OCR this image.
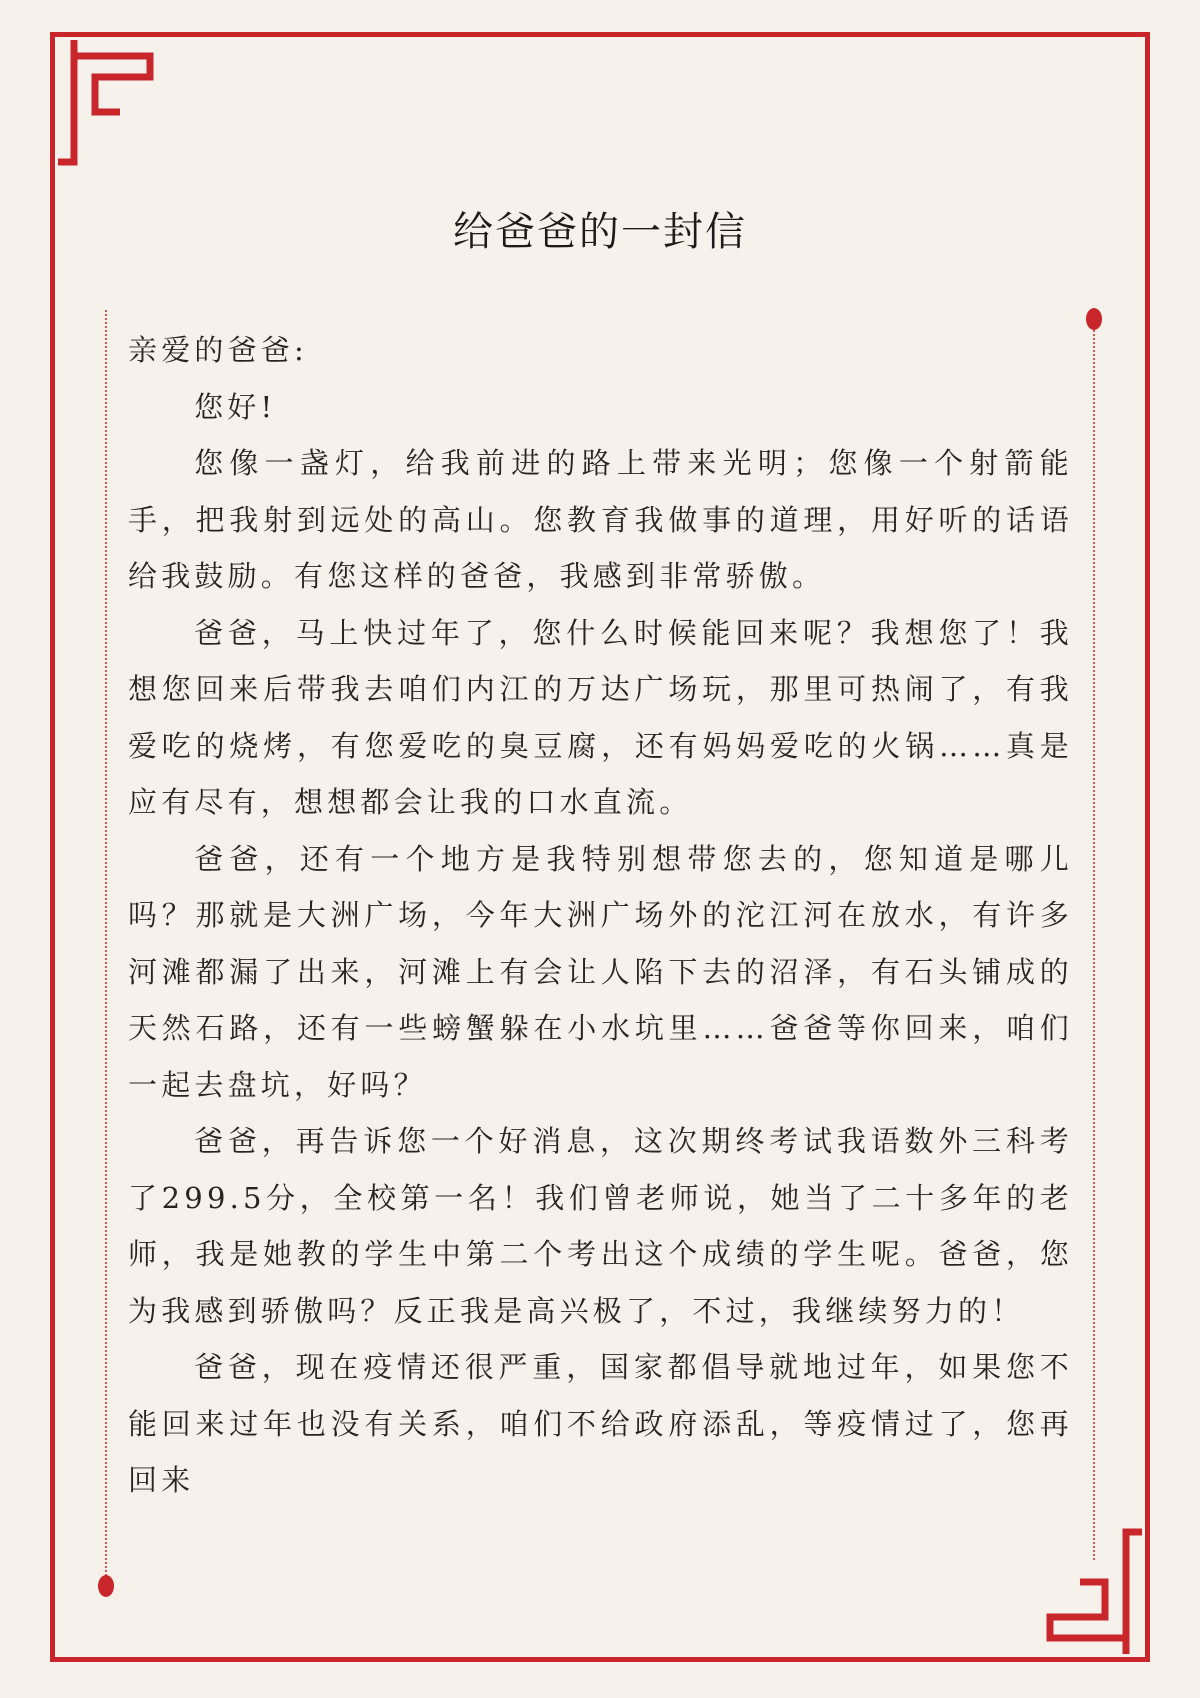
给爸爸的一封信

亲爱的爸爸:

您好!

您像一盏灯，给我前进的路上带来光明；您像一个射箭能手，把我射到远处的高山。您教育我做事的道理，用好听的话语给我鼓励。有您这样的爸爸，我感到非常骄傲。

爸爸，马上快过年了，您什么时候能回来呢？我想您了！我想您回来后带我去咱们内江的万达广场玩，那里可热闹了，有我爱吃的烧烤，有您爱吃的臭豆腐，还有妈妈爱吃的火锅……真是应有尽有，想想都会让我的口水直流。

爸爸，还有一个地方是我特别想带您去的，您知道是哪儿吗？那就是大洲广场，今年大洲广场外的沱江河在放水，有许多河滩都漏了出来，河滩上有会让人陷下去的沼泽，有石头铺成的天然石路，还有一些螃蟹躲在小水坑里……爸爸等你回来，咱们一起去盘坑，好吗？

爸爸，再告诉您一个好消息，这次期终考试我语数外三科考了299.5分，全校第一名！我们曾老师说，她当了二十多年的老师，我是她教的学生中第二个考出这个成绩的学生呢。爸爸，您为我感到骄傲吗？反正我是高兴极了，不过，我继续努力的！

爸爸，现在疫情还很严重，国家都倡导就地过年，如果您不能回来过年也没有关系，咱们不给政府添乱，等疫情过了，您再回来
